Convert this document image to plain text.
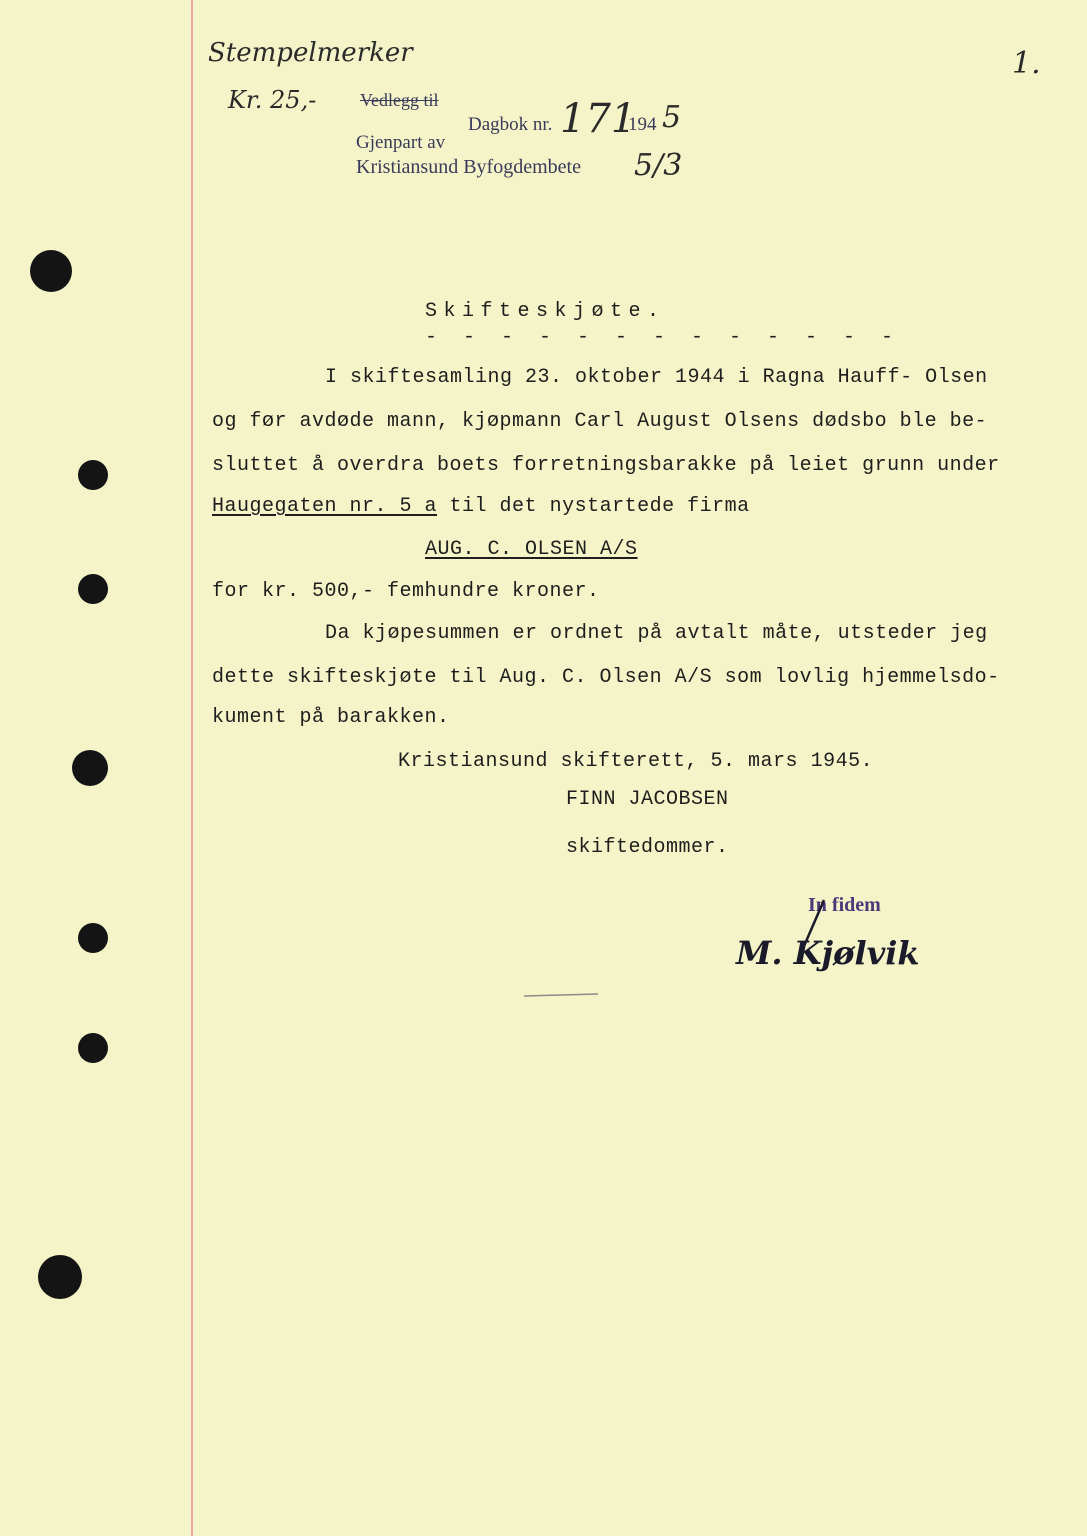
Stempelmerker
Kr. 25,-
1.
Vedlegg til
Dagbok nr. 171
194 5
Gjenpart av
Kristiansund Byfogdembete 5/3
Skifteskjøte.
- - - - - - - - - - - - -
I skiftesamling 23. oktober 1944 i Ragna Hauff- Olsen
og før avdøde mann, kjøpmann Carl August Olsens dødsbo ble be-
sluttet å overdra boets forretningsbarakke på leiet grunn under
Haugegaten nr. 5 a til det nystartede firma
AUG. C. OLSEN A/S
for kr. 500,- femhundre kroner.
Da kjøpesummen er ordnet på avtalt måte, utsteder jeg
dette skifteskjøte til Aug. C. Olsen A/S som lovlig hjemmelsdo-
kument på barakken.
Kristiansund skifterett, 5. mars 1945.
FINN JACOBSEN
skiftedommer.
In fidem
M. Kjølvik
